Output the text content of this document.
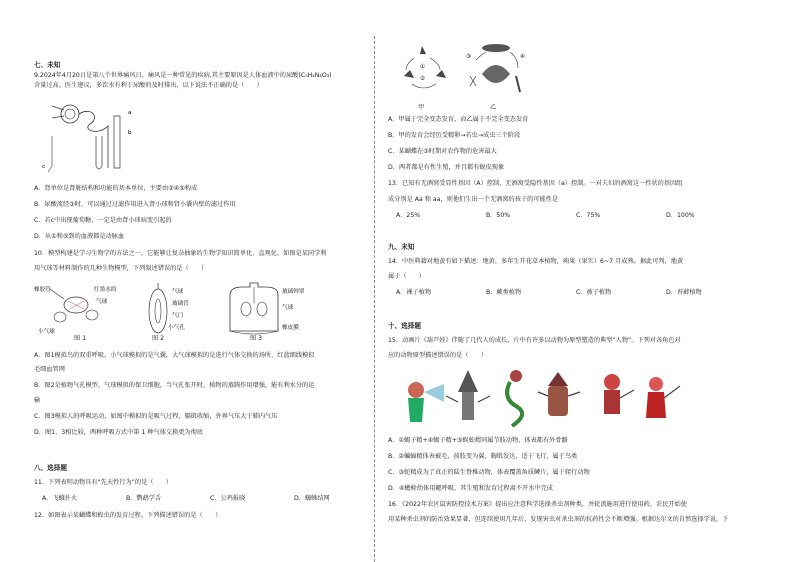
七、未知
9.2024年4月20日是第八个世界痛风日，痛风是一种常见的疾病,其主要原因是人体血液中的尿酸(C₅H₄N₄O₃)
含量过高。医生建议，多饮水有利于尿酸的及时排出，以下说法不正确的是（　　）
a
b
c
A．肾单位是肾脏结构和功能的基本单位，主要由③④⑤构成
B．尿酸流经③时，可以通过过滤作用进入肾小球和肾小囊内壁的滤过作用
C．若c中出现葡萄糖，一定是由肾小球病变引起的
D．从①和⑤到的血液都是动脉血
10．模型构建是学习生物学的方法之一，它能够让复杂抽象的生物学知识简单化、直观化。如图是某同学利
用气球等材料制作的几种生物模型，下列叙述错误的是（　　）
橡胶管	红墨水的
气球
小气球
图 1
气球
玻璃管
气门
小气孔
图 2
玻璃钟罩
气球
橡皮膜
图 3
A．图1模拟鸟的双重呼吸，小气球模拟的是气囊，大气球模拟的是进行气体交换的场所，红蓝细线模拟
毛细血管网
B．图2是植物气孔模型，气球模拟的保卫细胞，当气孔张开时，植物的蒸腾作用增强，能有利水分的运
输
C．图3模拟人的呼吸运动，如图中模拟的是吸气过程，膈肌收缩，外界气压大于肺内气压
D．图1、3相比较，两种呼吸方式中第 1 种气体交换更为彻底
八、选择题
11．下列表明动物具有“先天性行为”的是（　　）
A．飞蛾扑火	B．鹦鹉学舌	C．公鸡报晓	D．蜘蛛结网
12．如图表示某蝴蝶和蝗虫的发育过程，下列描述错误的是（　　）
①
②
甲
③	④
乙
A．甲属于完全变态发育，而乙属于不完全变态发育
B．甲的发育会经历受精卵→若虫→成虫三个阶段
C．某蝴蝶在③时期对农作物的危害最大
D．两者都是有性生殖，并且都有蜕皮现象
13．已知有无酒窝受显性基因（A）控制，无酒窝受隐性基因（a）控制。一对夫妇的酒窝这一性状的基因组
成分别是 Aa 和 aa，则他们生出一个无酒窝的孩子的可能性是
A．25%	B．50%	C．75%	D．100%
九、未知
14．中医典籍对地黄有如下描述：地黄，多年生开花草本植物，蒴果（果实）6~7 月成熟。据此可判，地黄
属于（　　）
A．裸子植物	B．蕨类植物	C．被子植物	D．苔藓植物
十、选择题
15．动画片《葫芦娃》伴随了几代人的成长，片中有许多以动物为原型塑造的典型“人物”。下列对各角色对
应的动物原型描述错误的是（　　）
A．①蝎子精+④蝎子精+⑤蜈蚣精同属节肢动物，体表都有外骨骼
B．②蝙蝠精体表被毛，前肢变为翼，胸肌发达，适于飞行，属于鸟类
C．③蛇精成为了真正的陆生脊椎动物，体表覆盖角质鳞片，属于爬行动物
D．④蟾蜍幼体用鳃呼吸，其生殖和发育过程离不开水中完成
16．《2022年农区鼠害防控技术方案》提出应注意科学选择杀虫剂种类，并轮流施用进行使用药，农民开始使
用某种杀虫剂的防治效果显著，但连续使用几年后，发现害虫对杀虫剂的抗药性会不断增强。根据达尔文的自然选择学说，下
